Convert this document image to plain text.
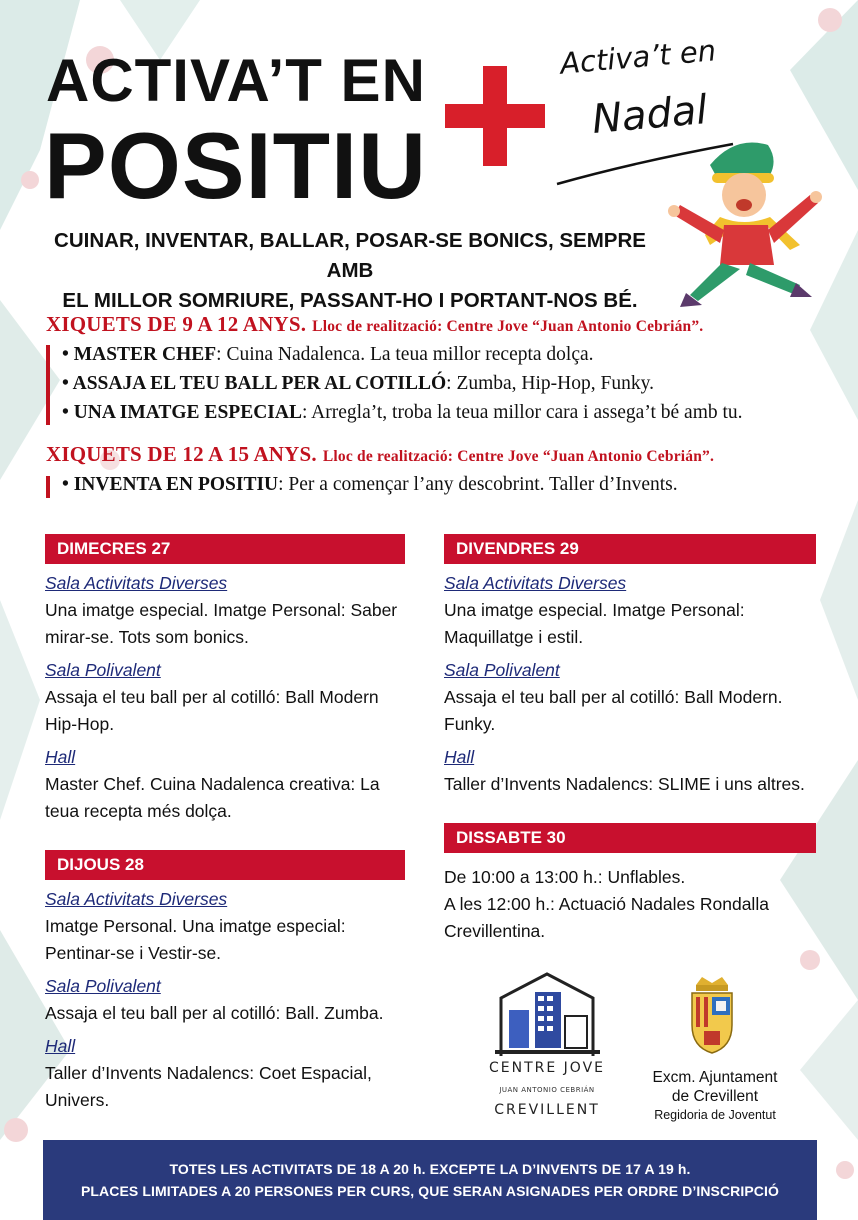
ACTIVA’T EN
POSITIU
Activa’t en
Nadal
CUINAR, INVENTAR, BALLAR, POSAR-SE BONICS, SEMPRE AMB
EL MILLOR SOMRIURE, PASSANT-HO I PORTANT-NOS BÉ.
XIQUETS DE 9 A 12 ANYS. Lloc de realització: Centre Jove “Juan Antonio Cebrián”.
• MASTER CHEF: Cuina Nadalenca. La teua millor recepta dolça.
• ASSAJA EL TEU BALL PER AL COTILLÓ: Zumba, Hip-Hop, Funky.
• UNA IMATGE ESPECIAL: Arregla’t, troba la teua millor cara i assega’t bé amb tu.
XIQUETS DE 12 A 15 ANYS. Lloc de realització: Centre Jove “Juan Antonio Cebrián”.
• INVENTA EN POSITIU: Per a començar l’any descobrint. Taller d’Invents.
DIMECRES 27
Sala Activitats Diverses
Una imatge especial. Imatge Personal: Saber
mirar-se. Tots som bonics.
Sala Polivalent
Assaja el teu ball per al cotilló: Ball Modern
Hip-Hop.
Hall
Master Chef. Cuina Nadalenca creativa: La
teua recepta més dolça.
DIJOUS 28
Sala Activitats Diverses
Imatge Personal. Una imatge especial:
Pentinar-se i Vestir-se.
Sala Polivalent
Assaja el teu ball per al cotilló: Ball. Zumba.
Hall
Taller d’Invents Nadalencs: Coet Espacial,
Univers.
DIVENDRES 29
Sala Activitats Diverses
Una imatge especial. Imatge Personal:
Maquillatge i estil.
Sala Polivalent
Assaja el teu ball per al cotilló: Ball Modern.
Funky.
Hall
Taller d’Invents Nadalencs: SLIME i uns altres.
DISSABTE 30
De 10:00 a 13:00 h.: Unflables.
A les 12:00 h.: Actuació Nadales Rondalla
Crevillentina.
CENTRE JOVE
JUAN ANTONIO CEBRIÁN
CREVILLENT
Excm. Ajuntament
de Crevillent
Regidoria de Joventut
TOTES LES ACTIVITATS DE 18 A 20 h. EXCEPTE LA D’INVENTS DE 17 A 19 h.
PLACES LIMITADES A 20 PERSONES PER CURS, QUE SERAN ASIGNADES PER ORDRE D’INSCRIPCIÓ
